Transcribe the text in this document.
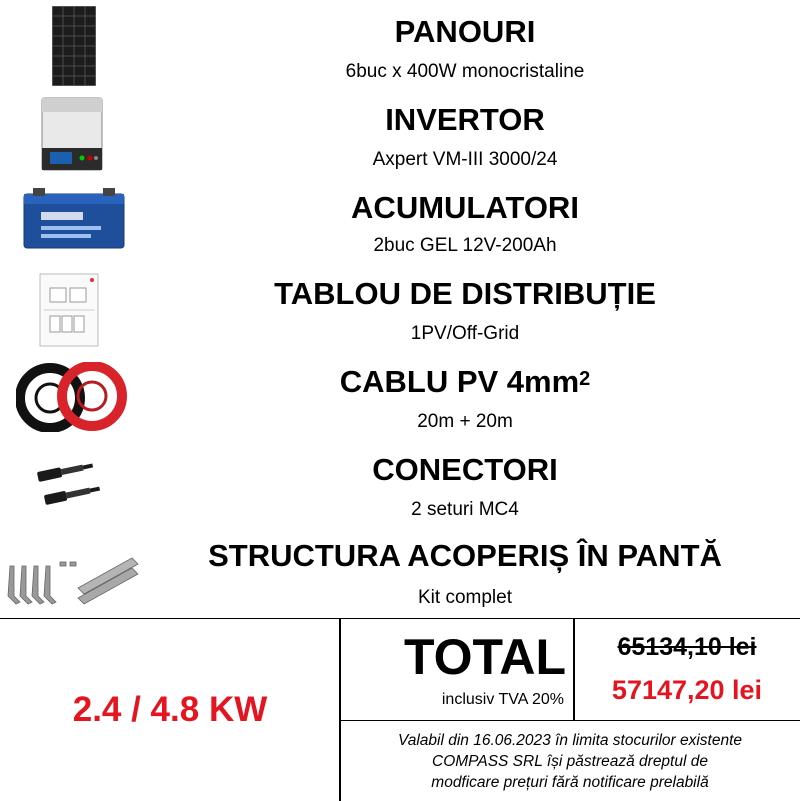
PANOURI
6buc x 400W monocristaline
INVERTOR
Axpert VM-III 3000/24
ACUMULATORI
2buc GEL 12V-200Ah
TABLOU DE DISTRIBUȚIE
1PV/Off-Grid
CABLU PV $4mm^2$
20m + 20m
CONECTORI
2 seturi MC4
STRUCTURA ACOPERIȘ ÎN PANTĂ
Kit complet
2.4 / 4.8 KW
TOTAL
inclusiv TVA 20%
65134,10 lei
57147,20 lei
Valabil din 16.06.2023 în limita stocurilor existente
COMPASS SRL își păstrează dreptul de
modficare prețuri fără notificare prelabilă
